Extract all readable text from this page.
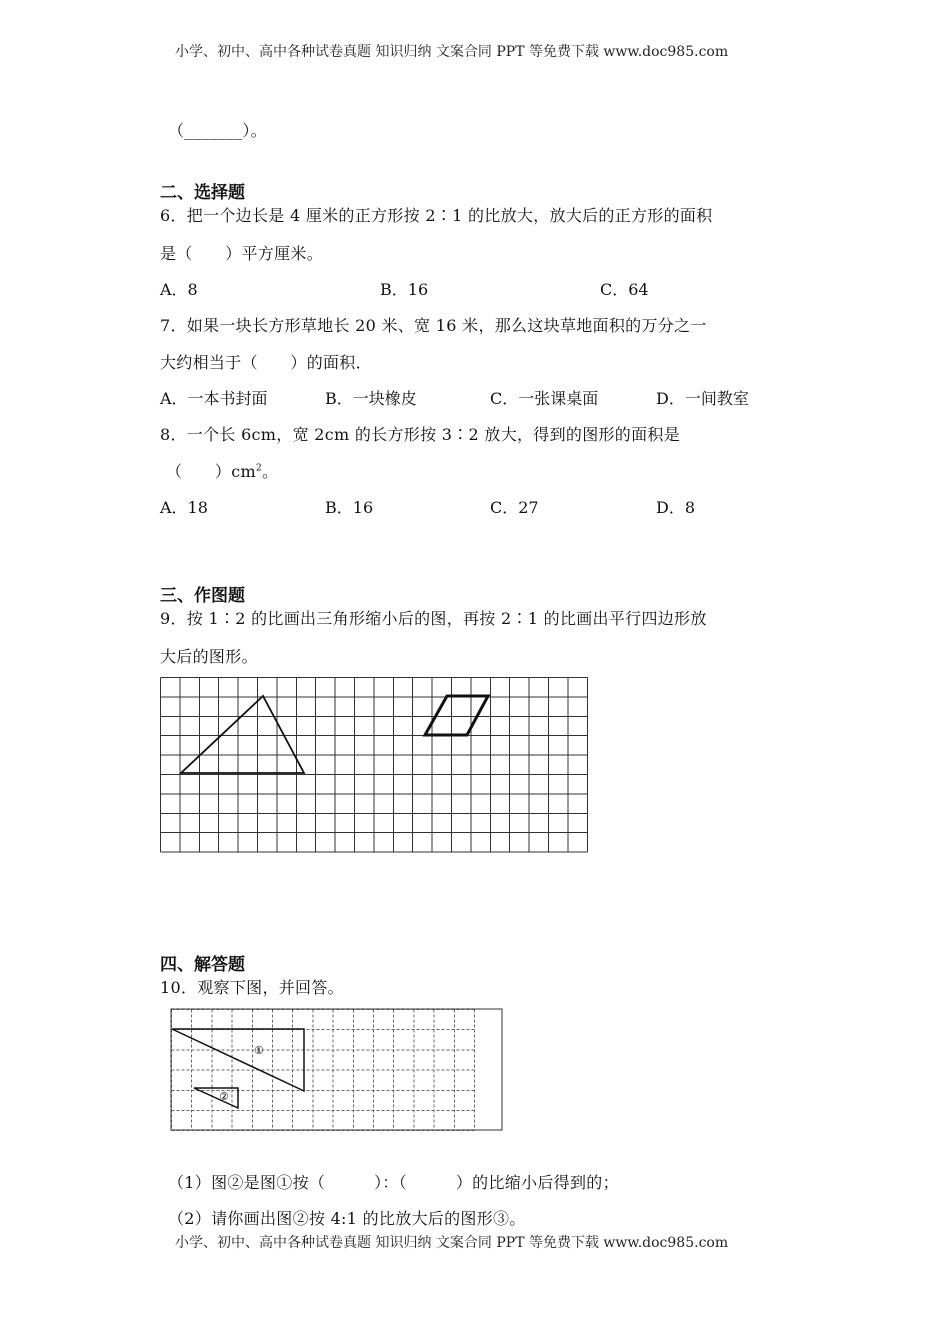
小学、初中、高中各种试卷真题 知识归纳 文案合同 PPT 等免费下载 www.doc985.com
（_______）。
二、选择题
6．把一个边长是 4 厘米的正方形按 2∶1 的比放大，放大后的正方形的面积
是（　　）平方厘米。
A．8	B．16	C．64
7．如果一块长方形草地长 20 米、宽 16 米，那么这块草地面积的万分之一
大约相当于（　　）的面积．
A．一本书封面	B．一块橡皮	C．一张课桌面	D．一间教室
8．一个长 6cm，宽 2cm 的长方形按 3∶2 放大，得到的图形的面积是
（　　）$cm^2$。
A．18	B．16	C．27	D．8
三、作图题
9．按 1∶2 的比画出三角形缩小后的图，再按 2∶1 的比画出平行四边形放
大后的图形。
四、解答题
10．观察下图，并回答。
①
②
（1）图②是图①按（　　　）：（　　　）的比缩小后得到的；
（2）请你画出图②按 4:1 的比放大后的图形③。
小学、初中、高中各种试卷真题 知识归纳 文案合同 PPT 等免费下载 www.doc985.com
